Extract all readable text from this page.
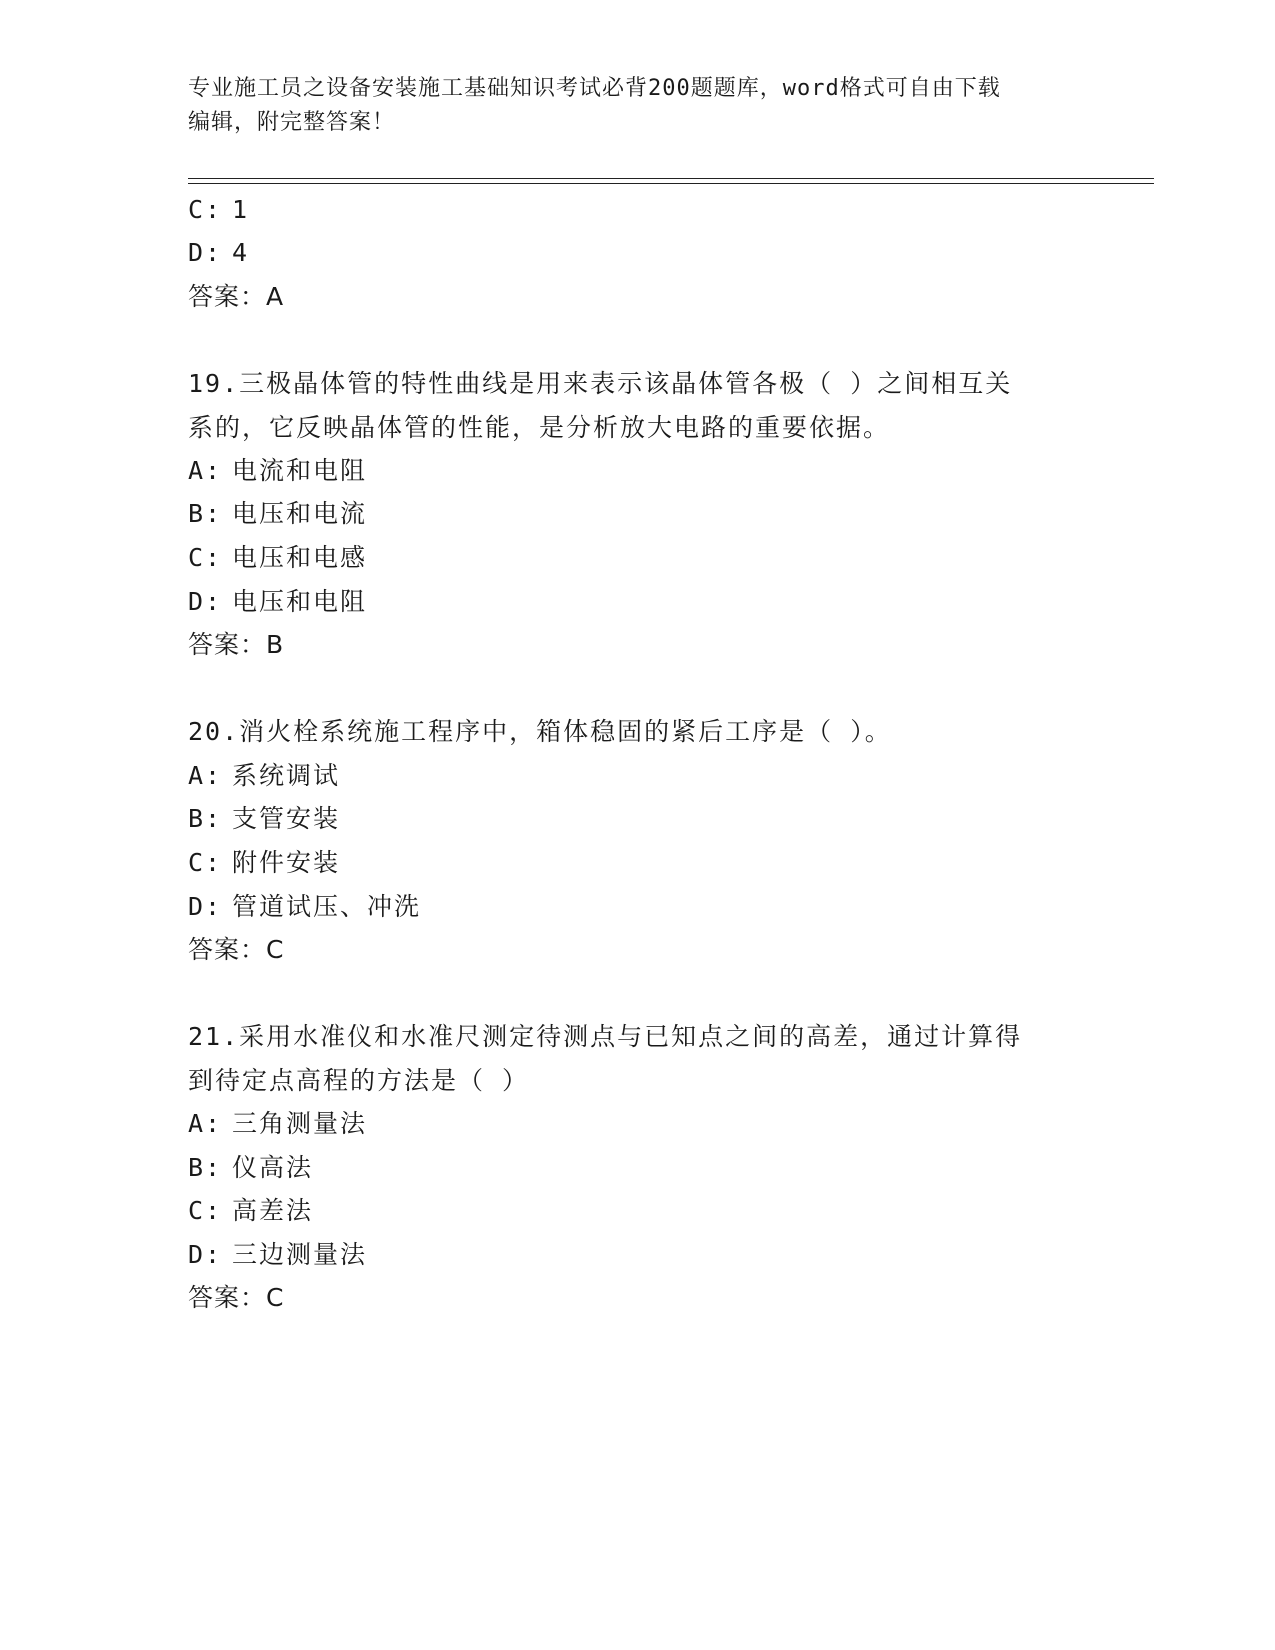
专业施工员之设备安装施工基础知识考试必背200题题库，word格式可自由下载
编辑，附完整答案！
C: 1
D: 4
答案：A
19.三极晶体管的特性曲线是用来表示该晶体管各极（ ）之间相互关
系的，它反映晶体管的性能，是分析放大电路的重要依据。
A: 电流和电阻
B: 电压和电流
C: 电压和电感
D: 电压和电阻
答案：B
20.消火栓系统施工程序中，箱体稳固的紧后工序是（ ）。
A: 系统调试
B: 支管安装
C: 附件安装
D: 管道试压、冲洗
答案：C
21.采用水准仪和水准尺测定待测点与已知点之间的高差，通过计算得
到待定点高程的方法是（ ）
A: 三角测量法
B: 仪高法
C: 高差法
D: 三边测量法
答案：C
